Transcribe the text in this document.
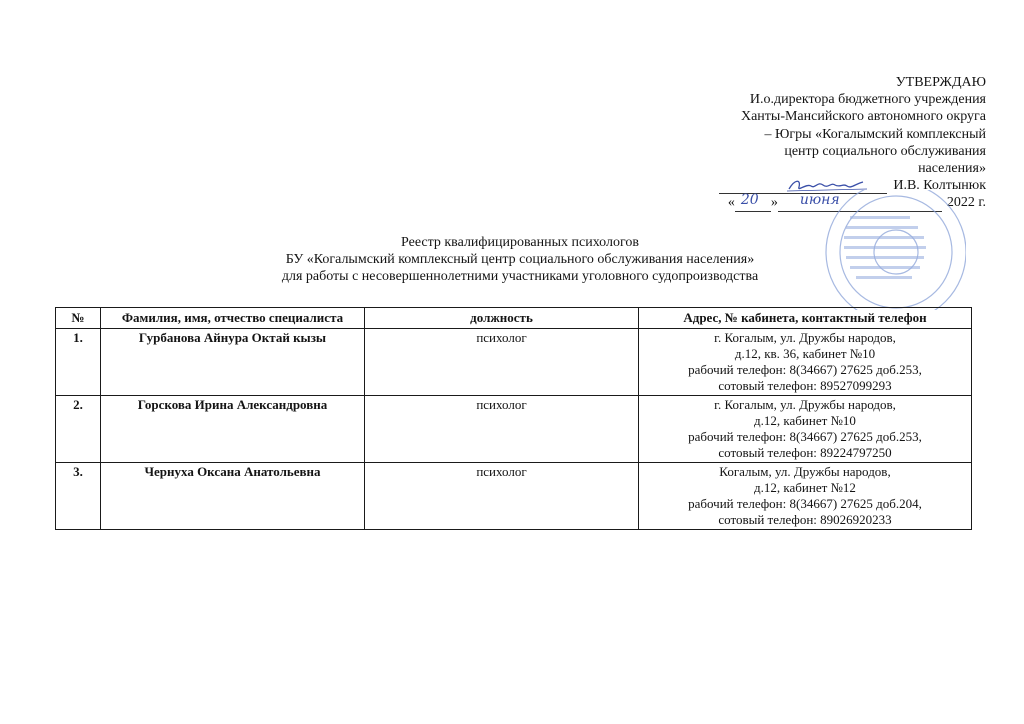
УТВЕРЖДАЮ
И.о.директора бюджетного учреждения
Ханты-Мансийского автономного округа
– Югры «Когалымский комплексный
центр социального обслуживания
населения»
И.В. Колтынюк
« 20 » июня	2022 г.
Реестр квалифицированных психологов
БУ «Когалымский комплексный центр социального обслуживания населения»
для работы с несовершеннолетними участниками уголовного судопроизводства
№	Фамилия, имя, отчество специалиста	должность	Адрес, № кабинета, контактный телефон
1.	Гурбанова Айнура Октай кызы	психолог	г. Когалым, ул. Дружбы народов,
д.12, кв. 36, кабинет №10
рабочий телефон: 8(34667) 27625 доб.253,
сотовый телефон: 89527099293

2.	Горскова Ирина Александровна	психолог	г. Когалым, ул. Дружбы народов,
д.12, кабинет №10
рабочий телефон: 8(34667) 27625 доб.253,
сотовый телефон: 89224797250

3.	Чернуха Оксана Анатольевна	психолог	Когалым, ул. Дружбы народов,
д.12, кабинет №12
рабочий телефон: 8(34667) 27625 доб.204,
сотовый телефон: 89026920233
